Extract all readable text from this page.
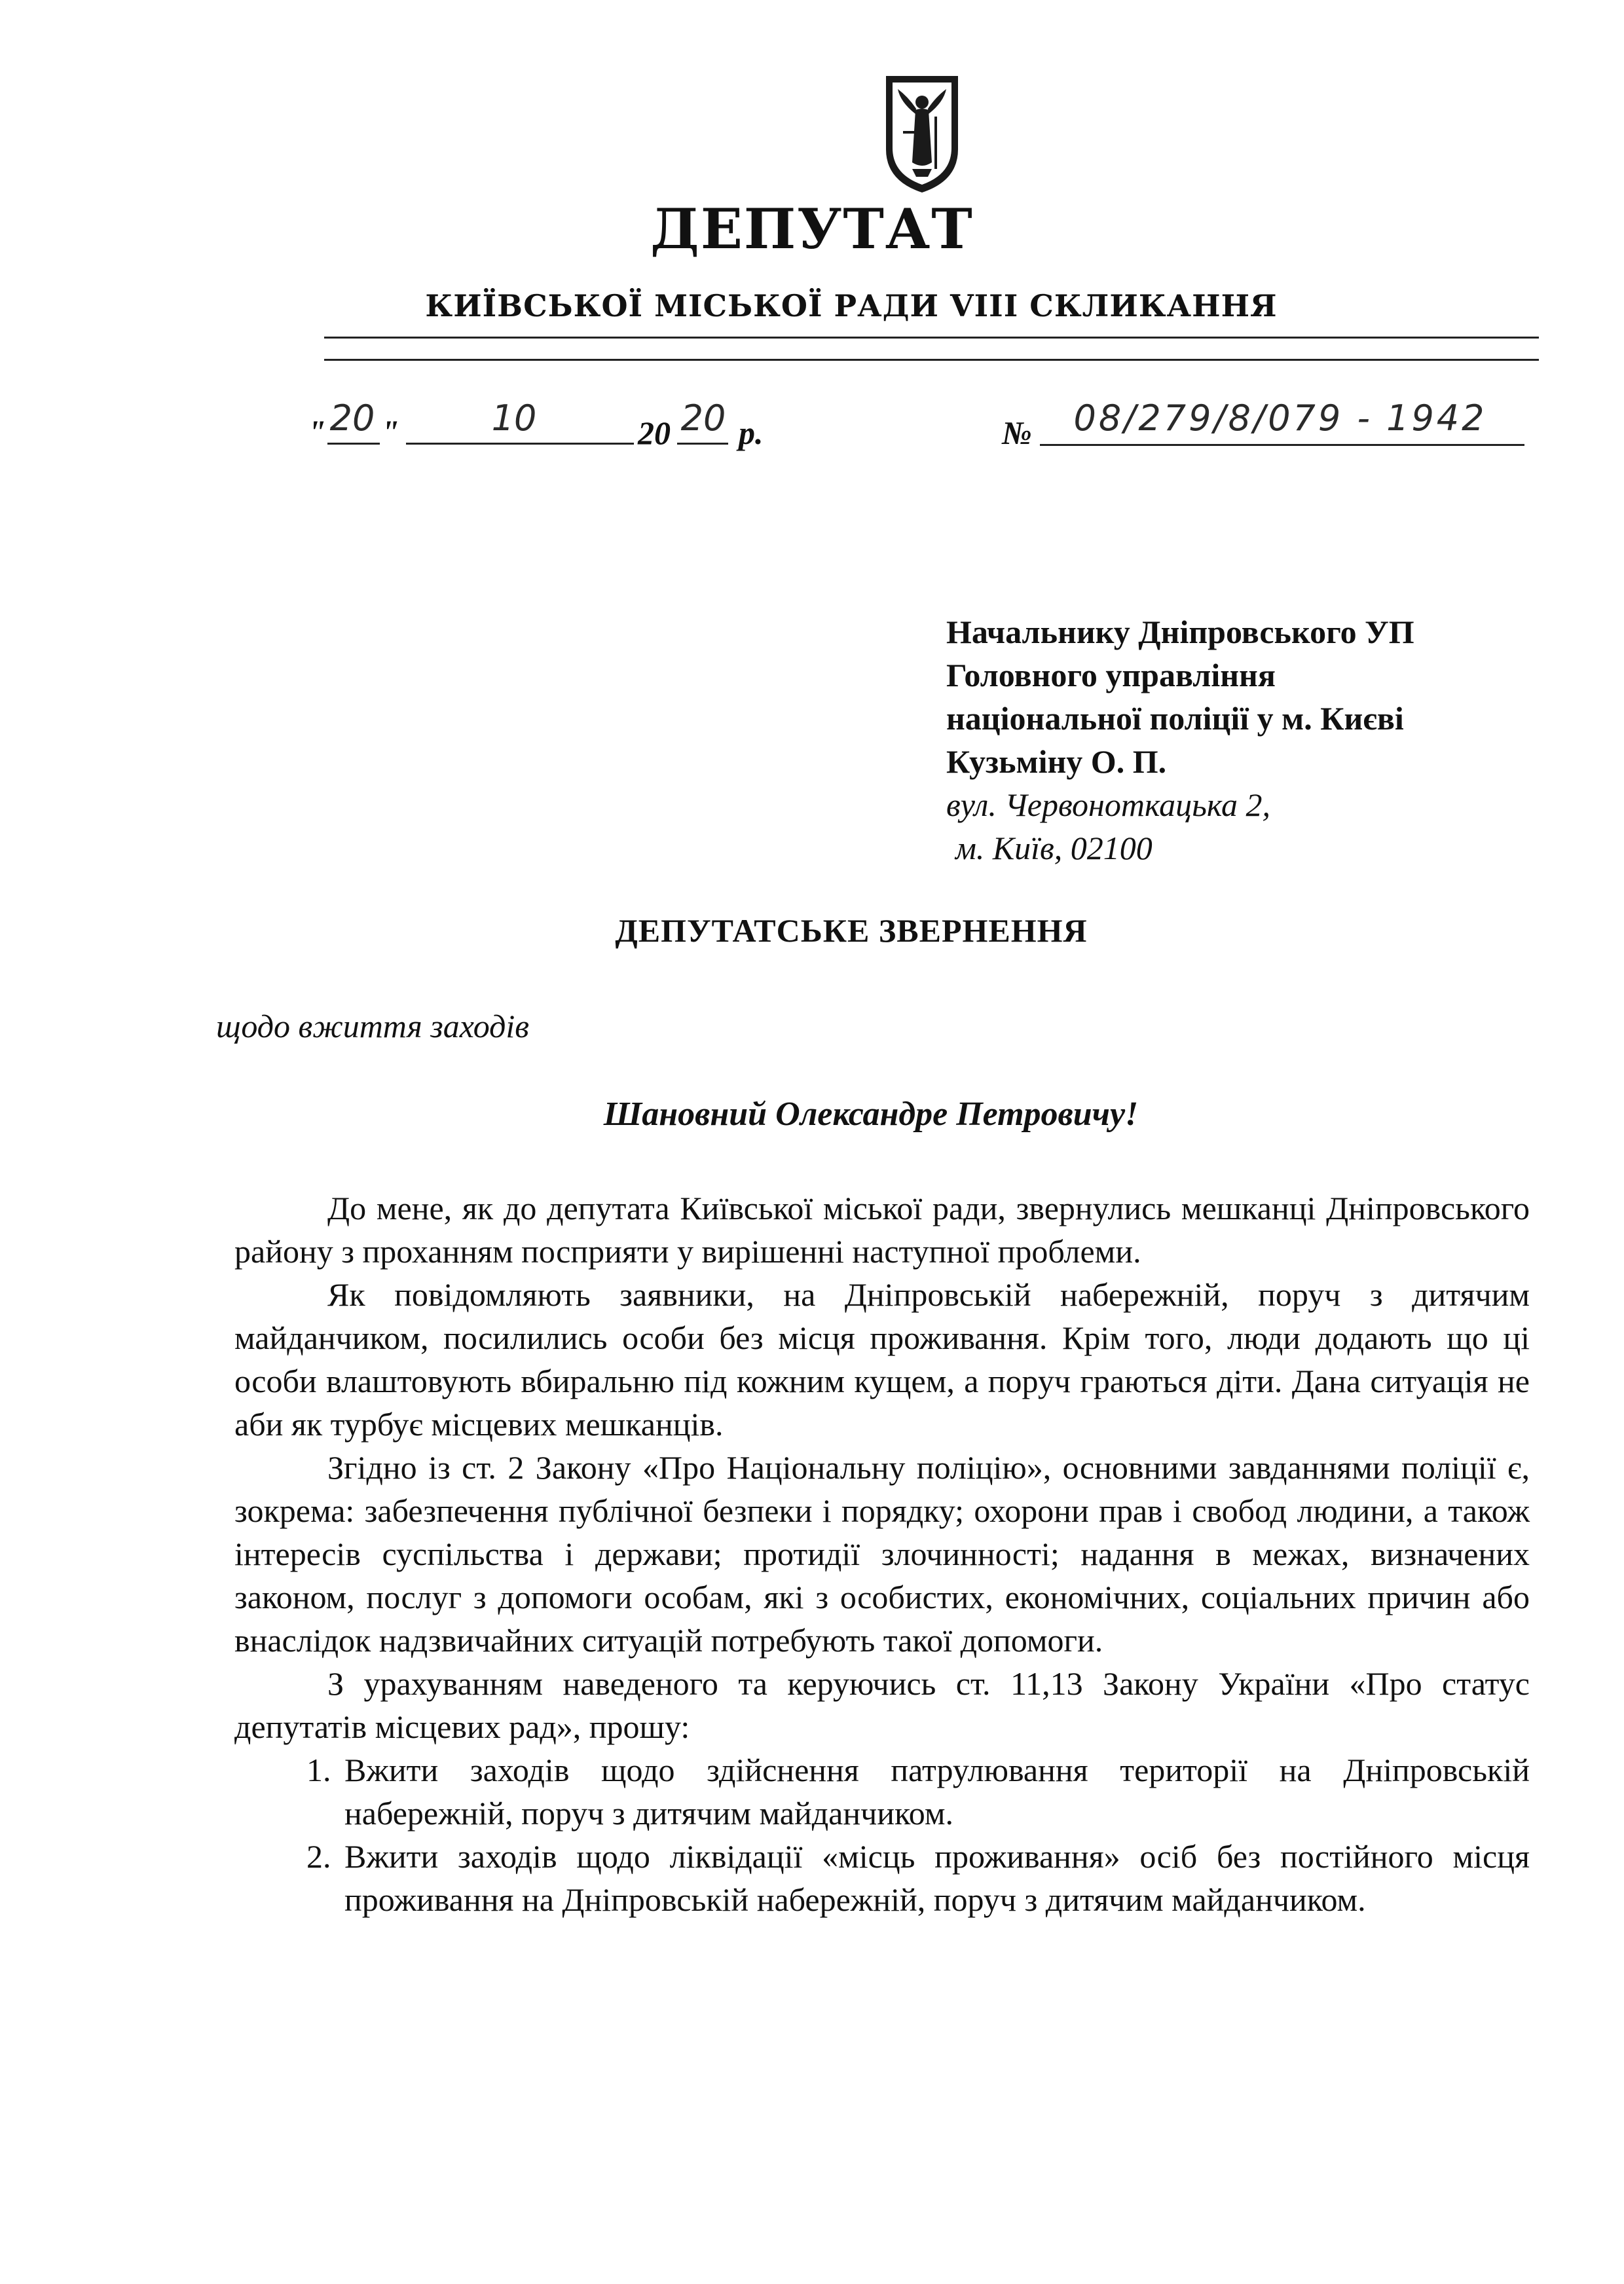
ДЕПУТАТ
КИЇВСЬКОЇ МІСЬКОЇ РАДИ VIII СКЛИКАННЯ
" 20 "	10	20 20 р.	№	08/279/8/079 - 1942
Начальнику Дніпровського УП
Головного управління
національної поліції у м. Києві
Кузьміну О. П.
вул. Червоноткацька 2,
м. Київ, 02100
ДЕПУТАТСЬКЕ ЗВЕРНЕННЯ
щодо вжиття заходів
Шановний Олександре Петровичу!

До мене, як до депутата Київської міської ради, звернулись мешканці Дніпровського району з проханням посприяти у вирішенні наступної проблеми.

Як повідомляють заявники, на Дніпровській набережній, поруч з дитячим майданчиком, посилились особи без місця проживання. Крім того, люди додають що ці особи влаштовують вбиральню під кожним кущем, а поруч граються діти. Дана ситуація не аби як турбує місцевих мешканців.

Згідно із ст. 2 Закону «Про Національну поліцію», основними завданнями поліції є, зокрема: забезпечення публічної безпеки і порядку; охорони прав і свобод людини, а також інтересів суспільства і держави; протидії злочинності; надання в межах, визначених законом, послуг з допомоги особам, які з особистих, економічних, соціальних причин або внаслідок надзвичайних ситуацій потребують такої допомоги.

З урахуванням наведеного та керуючись ст. 11,13 Закону України «Про статус депутатів місцевих рад», прошу:

1. Вжити заходів щодо здійснення патрулювання території на Дніпровській набережній, поруч з дитячим майданчиком.
2. Вжити заходів щодо ліквідації «місць проживання» осіб без постійного місця проживання на Дніпровській набережній, поруч з дитячим майданчиком.
